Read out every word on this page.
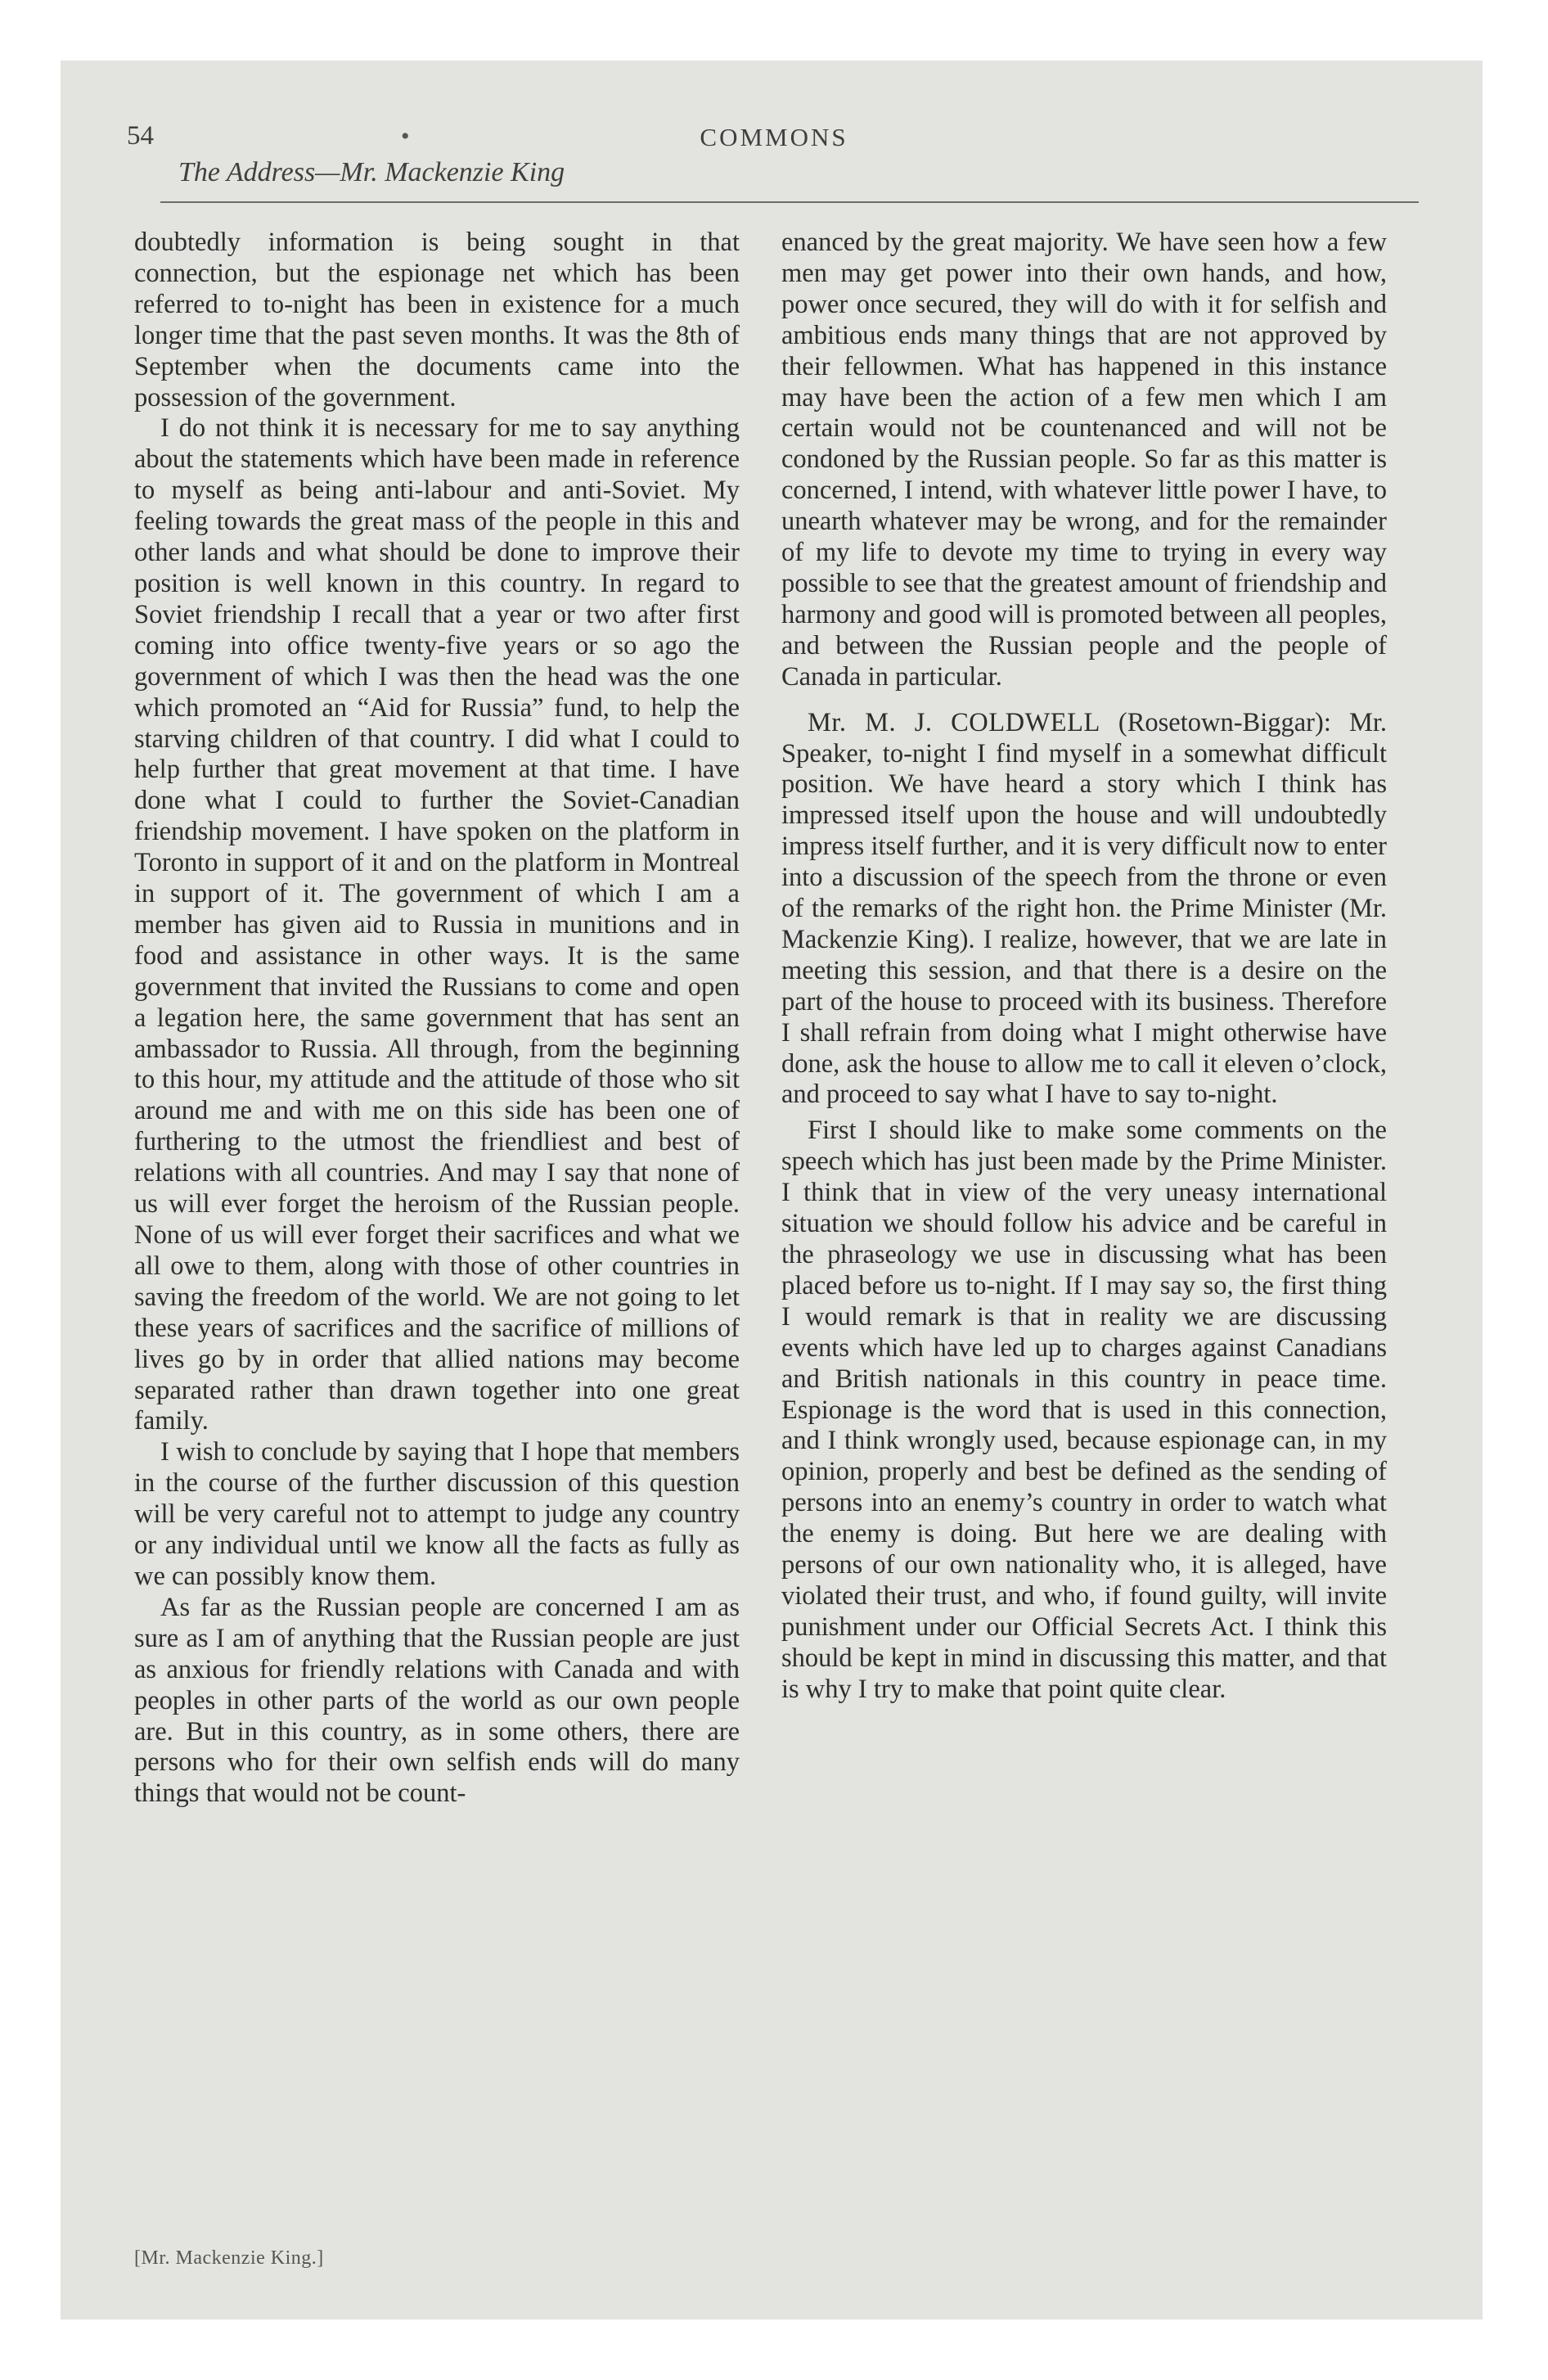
54	•	COMMONS
The Address—Mr. Mackenzie King

doubtedly information is being sought in that connection, but the espionage net which has been referred to to-night has been in existence for a much longer time that the past seven months. It was the 8th of September when the documents came into the possession of the government.

I do not think it is necessary for me to say anything about the statements which have been made in reference to myself as being anti-labour and anti-Soviet. My feeling towards the great mass of the people in this and other lands and what should be done to improve their position is well known in this country. In regard to Soviet friendship I recall that a year or two after first coming into office twenty-five years or so ago the government of which I was then the head was the one which promoted an “Aid for Russia” fund, to help the starving children of that country. I did what I could to help further that great movement at that time. I have done what I could to further the Soviet-Canadian friendship movement. I have spoken on the platform in Toronto in support of it and on the platform in Montreal in support of it. The government of which I am a member has given aid to Russia in munitions and in food and assistance in other ways. It is the same government that invited the Russians to come and open a legation here, the same government that has sent an ambassador to Russia. All through, from the beginning to this hour, my attitude and the attitude of those who sit around me and with me on this side has been one of furthering to the utmost the friendliest and best of relations with all countries. And may I say that none of us will ever forget the heroism of the Russian people. None of us will ever forget their sacrifices and what we all owe to them, along with those of other countries in saving the freedom of the world. We are not going to let these years of sacrifices and the sacrifice of millions of lives go by in order that allied nations may become separated rather than drawn together into one great family.

I wish to conclude by saying that I hope that members in the course of the further discussion of this question will be very careful not to attempt to judge any country or any individual until we know all the facts as fully as we can possibly know them.

As far as the Russian people are concerned I am as sure as I am of anything that the Russian people are just as anxious for friendly relations with Canada and with peoples in other parts of the world as our own people are. But in this country, as in some others, there are persons who for their own selfish ends will do many things that would not be count-

enanced by the great majority. We have seen how a few men may get power into their own hands, and how, power once secured, they will do with it for selfish and ambitious ends many things that are not approved by their fellowmen. What has happened in this instance may have been the action of a few men which I am certain would not be countenanced and will not be condoned by the Russian people. So far as this matter is concerned, I intend, with whatever little power I have, to unearth whatever may be wrong, and for the remainder of my life to devote my time to trying in every way possible to see that the greatest amount of friendship and harmony and good will is promoted between all peoples, and between the Russian people and the people of Canada in particular.

Mr. M. J. COLDWELL (Rosetown-Biggar): Mr. Speaker, to-night I find myself in a somewhat difficult position. We have heard a story which I think has impressed itself upon the house and will undoubtedly impress itself further, and it is very difficult now to enter into a discussion of the speech from the throne or even of the remarks of the right hon. the Prime Minister (Mr. Mackenzie King). I realize, however, that we are late in meeting this session, and that there is a desire on the part of the house to proceed with its business. Therefore I shall refrain from doing what I might otherwise have done, ask the house to allow me to call it eleven o’clock, and proceed to say what I have to say to-night.

First I should like to make some comments on the speech which has just been made by the Prime Minister. I think that in view of the very uneasy international situation we should follow his advice and be careful in the phraseology we use in discussing what has been placed before us to-night. If I may say so, the first thing I would remark is that in reality we are discussing events which have led up to charges against Canadians and British nationals in this country in peace time. Espionage is the word that is used in this connection, and I think wrongly used, because espionage can, in my opinion, properly and best be defined as the sending of persons into an enemy’s country in order to watch what the enemy is doing. But here we are dealing with persons of our own nationality who, it is alleged, have violated their trust, and who, if found guilty, will invite punishment under our Official Secrets Act. I think this should be kept in mind in discussing this matter, and that is why I try to make that point quite clear.

[Mr. Mackenzie King.]
